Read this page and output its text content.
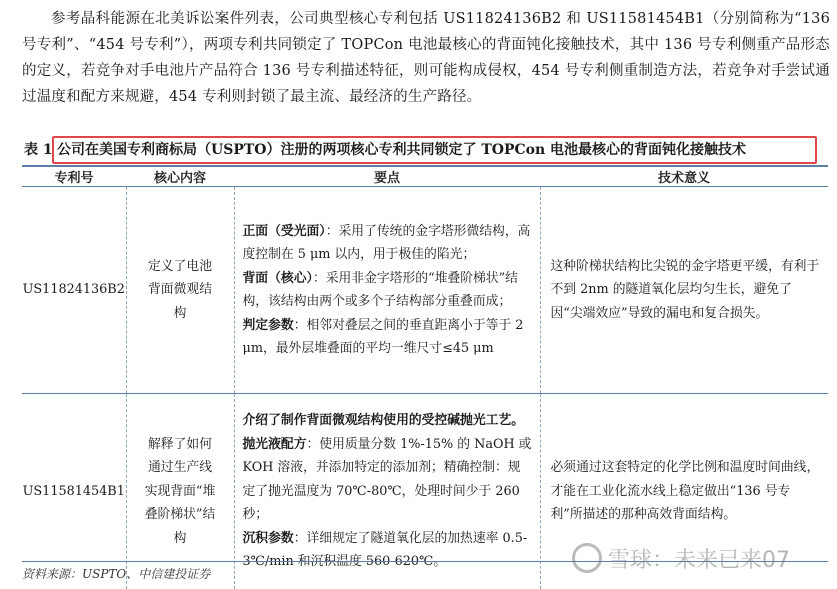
参考晶科能源在北美诉讼案件列表，公司典型核心专利包括 US11824136B2 和 US11581454B1（分别简称为“136 号专利”、“454 号专利”），两项专利共同锁定了 TOPCon 电池最核心的背面钝化接触技术，其中 136 号专利侧重产品形态的定义，若竞争对手电池片产品符合 136 号专利描述特征，则可能构成侵权，454 号专利侧重制造方法，若竞争对手尝试通过温度和配方来规避，454 专利则封锁了最主流、最经济的生产路径。

表 1 公司在美国专利商标局（USPTO）注册的两项核心专利共同锁定了 TOPCon 电池最核心的背面钝化接触技术
专利号	核心内容	要点	技术意义
US11824136B2	定义了电池背面微观结构	正面（受光面）：采用了传统的金字塔形微结构，高度控制在 5 μm 以内，用于极佳的陷光；
背面（核心）：采用非金字塔形的“堆叠阶梯状”结构，该结构由两个或多个子结构部分重叠而成；
判定参数：相邻对叠层之间的垂直距离小于等于 2 μm，最外层堆叠面的平均一维尺寸≤45 μm	这种阶梯状结构比尖锐的金字塔更平缓，有利于不到 2nm 的隧道氧化层均匀生长，避免了因“尖端效应”导致的漏电和复合损失。
US11581454B1	解释了如何通过生产线实现背面“堆叠阶梯状”结构	介绍了制作背面微观结构使用的受控碱抛光工艺。
抛光液配方：使用质量分数 1%-15% 的 NaOH 或 KOH 溶液，并添加特定的添加剂；精确控制：规定了抛光温度为 70℃-80℃，处理时间少于 260 秒；
沉积参数：详细规定了隧道氧化层的加热速率 0.5-3℃/min 和沉积温度 560-620℃。	必须通过这套特定的化学比例和温度时间曲线，才能在工业化流水线上稳定做出“136 号专利”所描述的那种高效背面结构。
资料来源：USPTO、中信建投证券
雪球：未来已来07
